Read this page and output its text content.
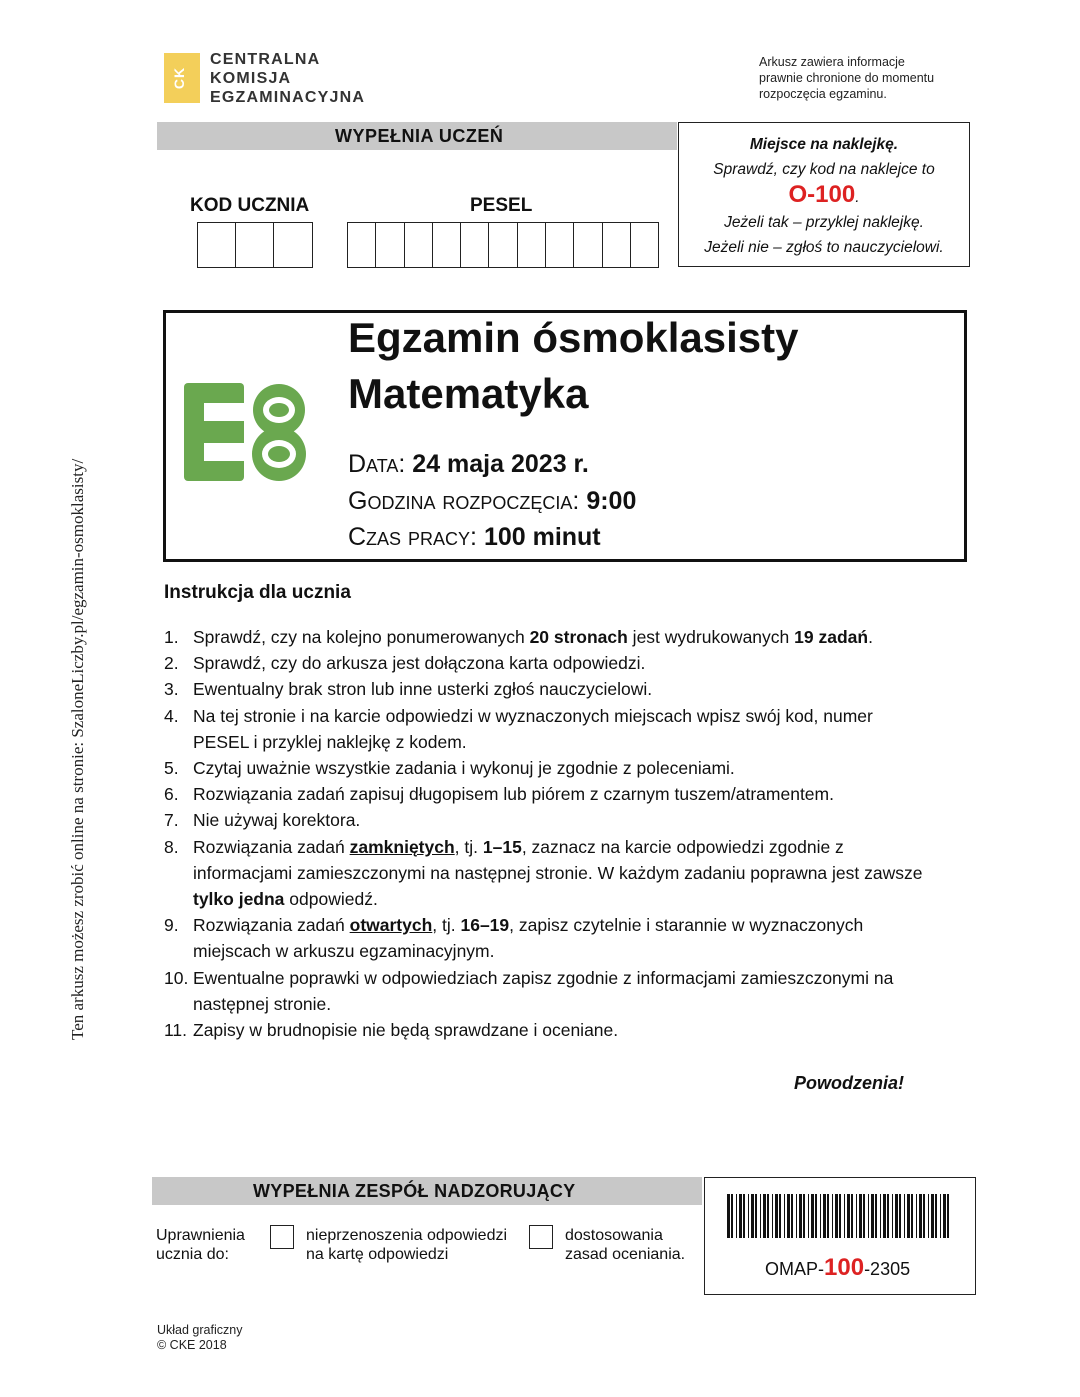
Ten arkusz możesz zrobić online na stronie: SzaloneLiczby.pl/egzamin-osmoklasisty/
CK
CENTRALNA
KOMISJA
EGZAMINACYJNA
Arkusz zawiera informacje
prawnie chronione do momentu
rozpoczęcia egzaminu.
WYPEŁNIA UCZEŃ
KOD UCZNIA	PESEL
Miejsce na naklejkę.
Sprawdź, czy kod na naklejce to
O-100.
Jeżeli tak – przyklej naklejkę.
Jeżeli nie – zgłoś to nauczycielowi.
Egzamin ósmoklasisty
Matematyka
Data: 24 maja 2023 r.
Godzina rozpoczęcia: 9:00
Czas pracy: 100 minut
Instrukcja dla ucznia
1. Sprawdź, czy na kolejno ponumerowanych 20 stronach jest wydrukowanych 19 zadań.
2. Sprawdź, czy do arkusza jest dołączona karta odpowiedzi.
3. Ewentualny brak stron lub inne usterki zgłoś nauczycielowi.
4. Na tej stronie i na karcie odpowiedzi w wyznaczonych miejscach wpisz swój kod, numer PESEL i przyklej naklejkę z kodem.
5. Czytaj uważnie wszystkie zadania i wykonuj je zgodnie z poleceniami.
6. Rozwiązania zadań zapisuj długopisem lub piórem z czarnym tuszem/atramentem.
7. Nie używaj korektora.
8. Rozwiązania zadań zamkniętych, tj. 1–15, zaznacz na karcie odpowiedzi zgodnie z informacjami zamieszczonymi na następnej stronie. W każdym zadaniu poprawna jest zawsze tylko jedna odpowiedź.
9. Rozwiązania zadań otwartych, tj. 16–19, zapisz czytelnie i starannie w wyznaczonych miejscach w arkuszu egzaminacyjnym.
10. Ewentualne poprawki w odpowiedziach zapisz zgodnie z informacjami zamieszczonymi na następnej stronie.
11. Zapisy w brudnopisie nie będą sprawdzane i oceniane.
Powodzenia!
WYPEŁNIA ZESPÓŁ NADZORUJĄCY
Uprawnienia
ucznia do:
nieprzenoszenia odpowiedzi
na kartę odpowiedzi
dostosowania
zasad oceniania.
OMAP-100-2305
Układ graficzny
© CKE 2018
